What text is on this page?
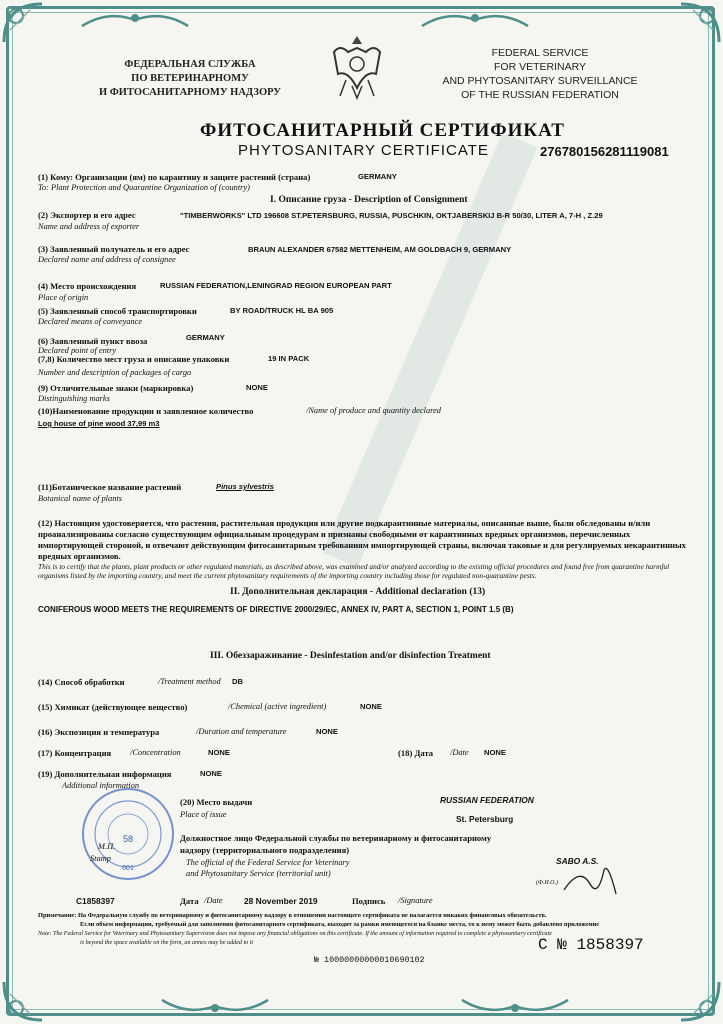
ФЕДЕРАЛЬНАЯ СЛУЖБА
ПО ВЕТЕРИНАРНОМУ
И ФИТОСАНИТАРНОМУ НАДЗОРУ
FEDERAL SERVICE
FOR VETERINARY
AND PHYTOSANITARY SURVEILLANCE
OF THE RUSSIAN FEDERATION
ФИТОСАНИТАРНЫЙ СЕРТИФИКАТ
PHYTOSANITARY CERTIFICATE	276780156281119081
(1) Кому: Организации (ям) по карантину и защите растений (страна)	GERMANY
To: Plant Protection and Quarantine Organization of (country)
I. Описание груза - Description of Consignment
(2) Экспортер и его адрес	"TIMBERWORKS" LTD 196608 ST.PETERSBURG, RUSSIA, PUSCHKIN, OKTJABERSKIJ B-R 50/30, LITER A, 7-H , Z.29
Name and address of exporter
(3) Заявленный получатель и его адрес	BRAUN ALEXANDER 67582 METTENHEIM, AM GOLDBACH 9, GERMANY
Declared name and address of consignee
(4) Место происхождения	RUSSIAN FEDERATION,LENINGRAD REGION EUROPEAN PART
Place of origin
(5) Заявленный способ транспортировки	BY ROAD/TRUCK HL BA 905
Declared means of conveyance
(6) Заявленный пункт ввоза	GERMANY
Declared point of entry
(7,8) Количество мест груза и описание упаковки	19 IN PACK
Number and description of packages of cargo
(9) Отличительные знаки (маркировка)	NONE
Distinguishing marks
(10)Наименование продукции и заявленное количество	/Name of produce and quantity declared
Log house of pine wood 37,99 m3
(11)Ботаническое название растений	Pinus sylvestris
Botanical name of plants
(12) Настоящим удостоверяется, что растения, растительная продукция или другие подкарантинные материалы, описанные выше, были обследованы и/или проанализированы согласно существующим официальным процедурам и признаны свободными от карантинных вредных организмов, перечисленных импортирующей стороной, и отвечают действующим фитосанитарным требованиям импортирующей страны, включая таковые и для регулируемых некарантинных вредных организмов.
This is to certify that the plants, plant products or other regulated materials, as described above, was examined and/or analyzed according to the existing official procedures and found free from quarantine harmful organisms listed by the importing country, and meet the current phytosanitary requirements of the importing country including those for regulated non-quarantine pests.
II. Дополнительная декларация - Additional declaration (13)
CONIFEROUS WOOD MEETS THE REQUIREMENTS OF DIRECTIVE 2000/29/EC, ANNEX IV, PART A, SECTION 1, POINT 1.5 (B)
III. Обеззараживание - Desinfestation and/or disinfection Treatment
(14) Способ обработки	/Treatment method DB
(15) Химикат (действующее вещество)	/Chemical (active ingredient)	NONE
(16) Экспозиция и температура	/Duration and temperature	NONE
(17) Концентрация /Concentration	NONE	(18) Дата /Date NONE
(19) Дополнительная информация	NONE
Additional information
58
001
(20) Место выдачи
Place of issue
RUSSIAN FEDERATION
St. Petersburg
Должностное лицо Федеральной службы по ветеринарному и фитосанитарному
надзору (территориального подразделения)
The official of the Federal Service for Veterinary
and Phytosanitary Service (territorial unit)
SABO A.S.
(Ф.И.О.)
М.П.
Stamp
C1858397	Дата /Date	28 November 2019	Подпись /Signature
Примечание: На Федеральную службу по ветеринарному и фитосанитарному надзору в отношении настоящего сертификата не налагается никаких финансовых обязательств.
Если объем информации, требуемый для заполнения фитосанитарного сертификата, выходит за рамки имеющегося на бланке места, то к нему может быть добавлено приложение
Note: The Federal Service for Veterinary and Phytosanitary Supervision does not impose any financial obligations on this certificate. If the amount of information required to complete a phytosanitary certificate
is beyond the space available on the form, an annex may be added to it	С № 1858397
№ 10000000000010690102
